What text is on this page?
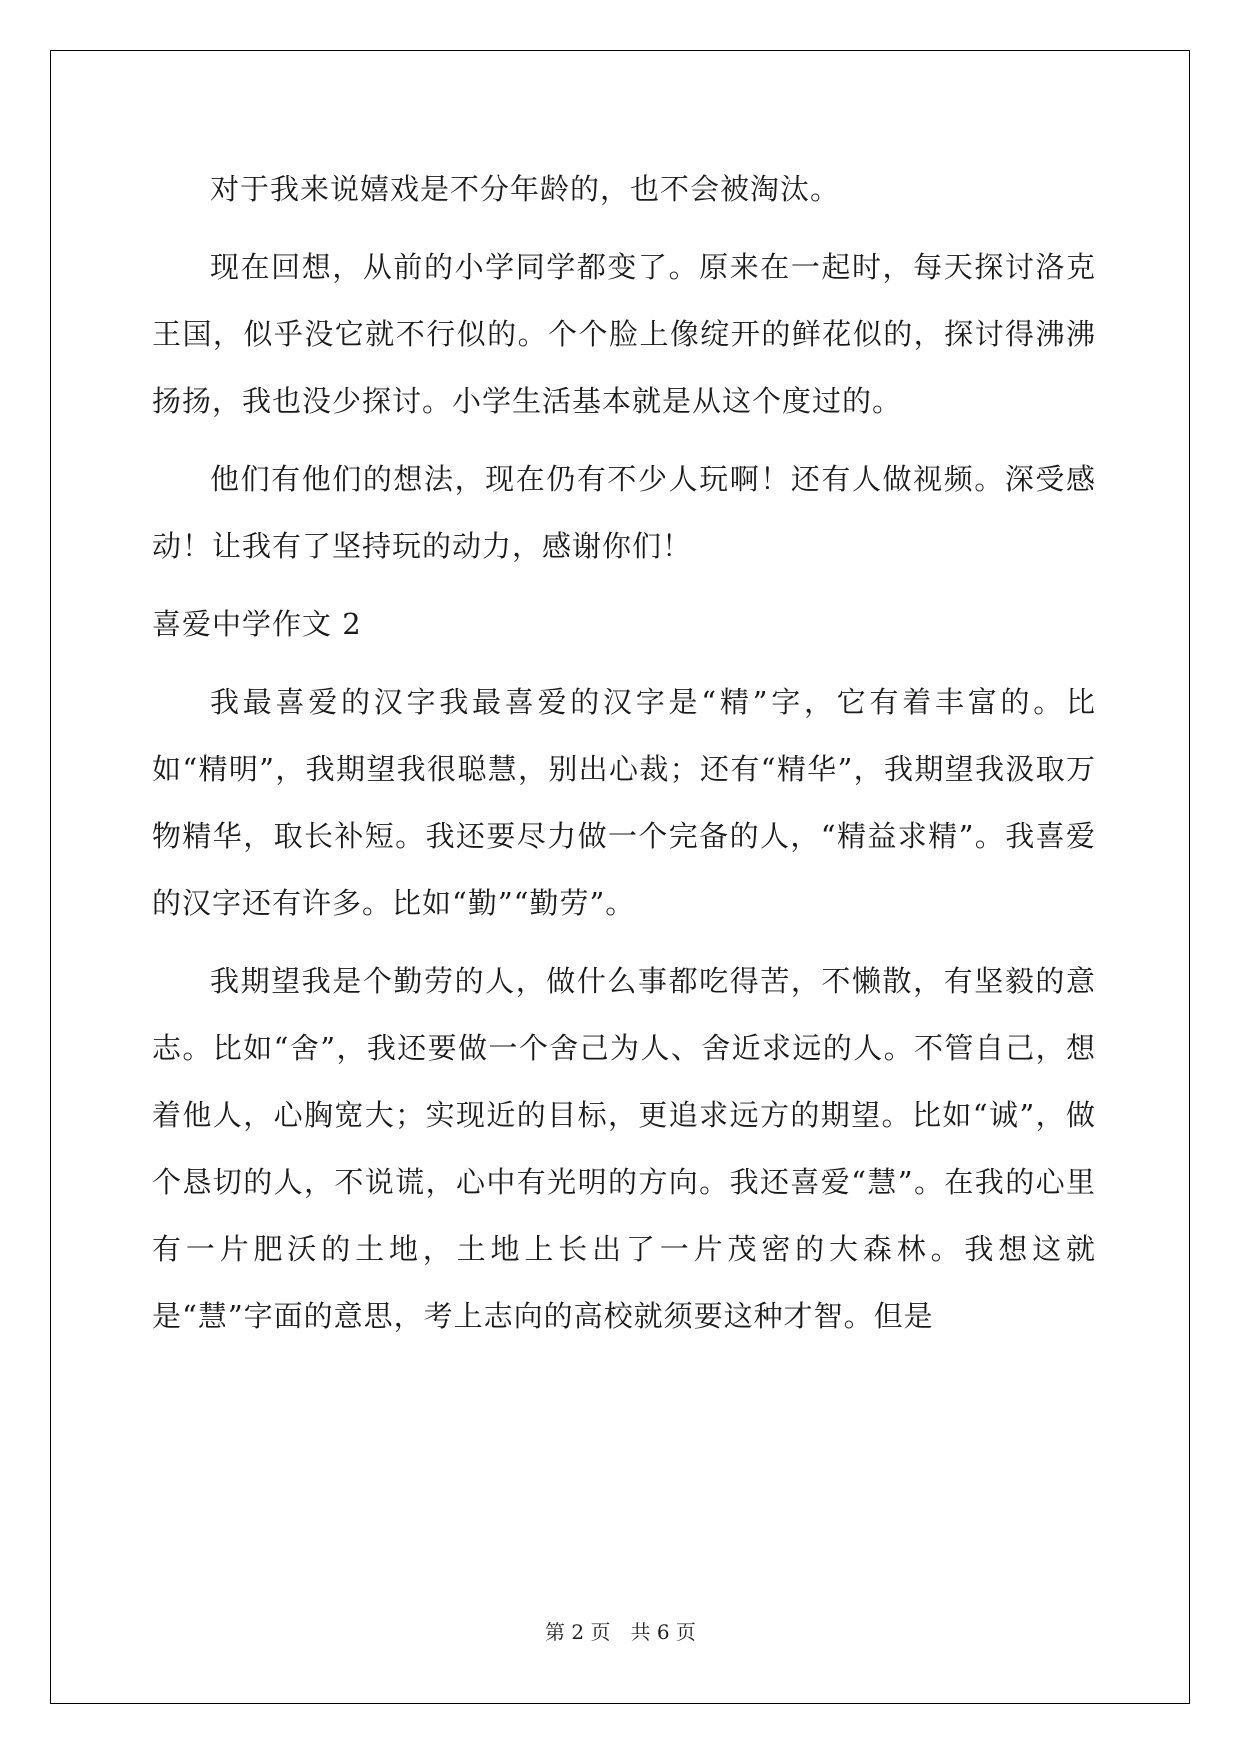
对于我来说嬉戏是不分年龄的，也不会被淘汰。

现在回想，从前的小学同学都变了。原来在一起时，每天探讨洛克王国，似乎没它就不行似的。个个脸上像绽开的鲜花似的，探讨得沸沸扬扬，我也没少探讨。小学生活基本就是从这个度过的。

他们有他们的想法，现在仍有不少人玩啊！还有人做视频。深受感动！让我有了坚持玩的动力，感谢你们！

喜爱中学作文 2

我最喜爱的汉字我最喜爱的汉字是“精”字，它有着丰富的。比如“精明”，我期望我很聪慧，别出心裁；还有“精华”，我期望我汲取万物精华，取长补短。我还要尽力做一个完备的人，“精益求精”。我喜爱的汉字还有许多。比如“勤”“勤劳”。

我期望我是个勤劳的人，做什么事都吃得苦，不懒散，有坚毅的意志。比如“舍”，我还要做一个舍己为人、舍近求远的人。不管自己，想着他人，心胸宽大；实现近的目标，更追求远方的期望。比如“诚”，做个恳切的人，不说谎，心中有光明的方向。我还喜爱“慧”。在我的心里有一片肥沃的土地，土地上长出了一片茂密的大森林。我想这就是“慧”字面的意思，考上志向的高校就须要这种才智。但是

第 2 页　共 6 页
